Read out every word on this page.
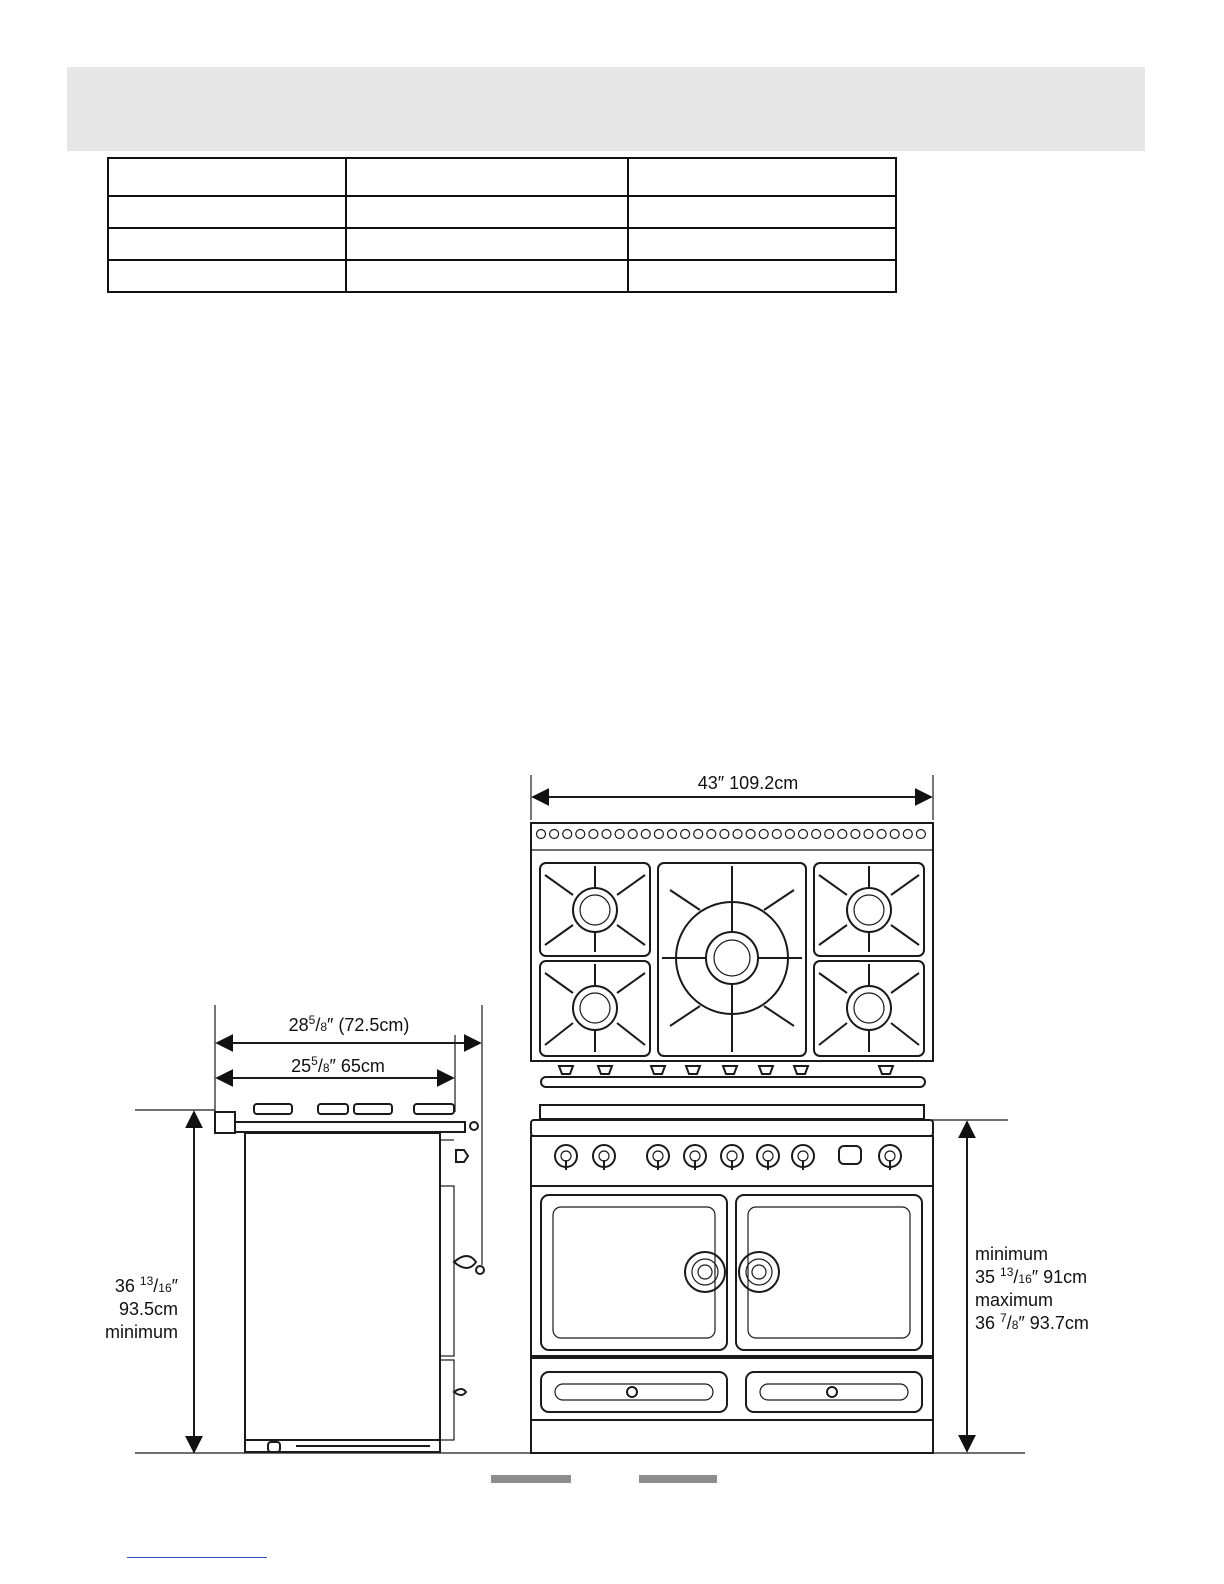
43″ 109.2cm
$28^5/8''$ (72.5cm)
$25^5/8''$ 65cm
36 $^{13}$/16″
93.5cm
minimum
minimum
35 $^{13}$/16″ 91cm
maximum
36 $^7$/8″ 93.7cm
